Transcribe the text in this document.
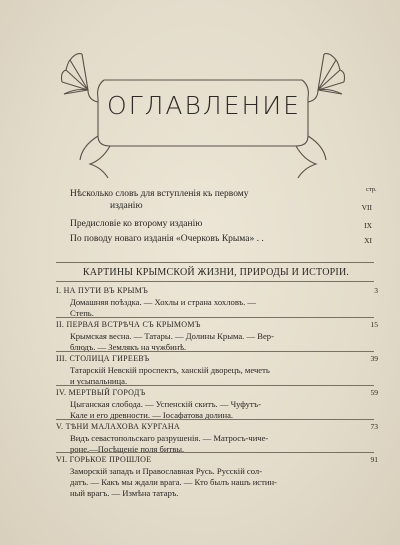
ОГЛАВЛЕНИЕ
стр.
Нѣсколько словъ для вступленія къ первому
изданію	VII
Предисловіе ко второму изданію	IX
По поводу новаго изданія «Очерковъ Крыма» . .	XI
КАРТИНЫ КРЫМСКОЙ ЖИЗНИ, ПРИРОДЫ И ИСТОРІИ.
I. НА ПУТИ ВЪ КРЫМЪ	3
Домашняя поѣздка. — Хохлы и страна хохловъ. —
Степь.
II. ПЕРВАЯ ВСТРѢЧА СЪ КРЫМОМЪ	15
Крымская весна. — Татары. — Долины Крыма. — Вер-
блюдъ. — Землякъ на чужбинѣ.
III. СТОЛИЦА ГИРЕЕВЪ	39
Татарскій Невскій проспектъ, ханскій дворецъ, мечеть
и усыпальница.
IV. МЕРТВЫЙ ГОРОДЪ	59
Цыганская слобода. — Успенскій скитъ. — Чуфутъ-
Кале и его древности. — Іосафатова долина.
V. ТѢНИ МАЛАХОВА КУРГАНА	73
Видъ севастопольскаго разрушенія. — Матросъ-чиче-
роне.—Посѣщеніе поля битвы.
VI. ГОРЬКОЕ ПРОШЛОЕ	91
Заморскій западъ и Православная Русь. Русскій сол-
датъ. — Какъ мы ждали врага. — Кто былъ нашъ истин-
ный врагъ. — Измѣна татаръ.
